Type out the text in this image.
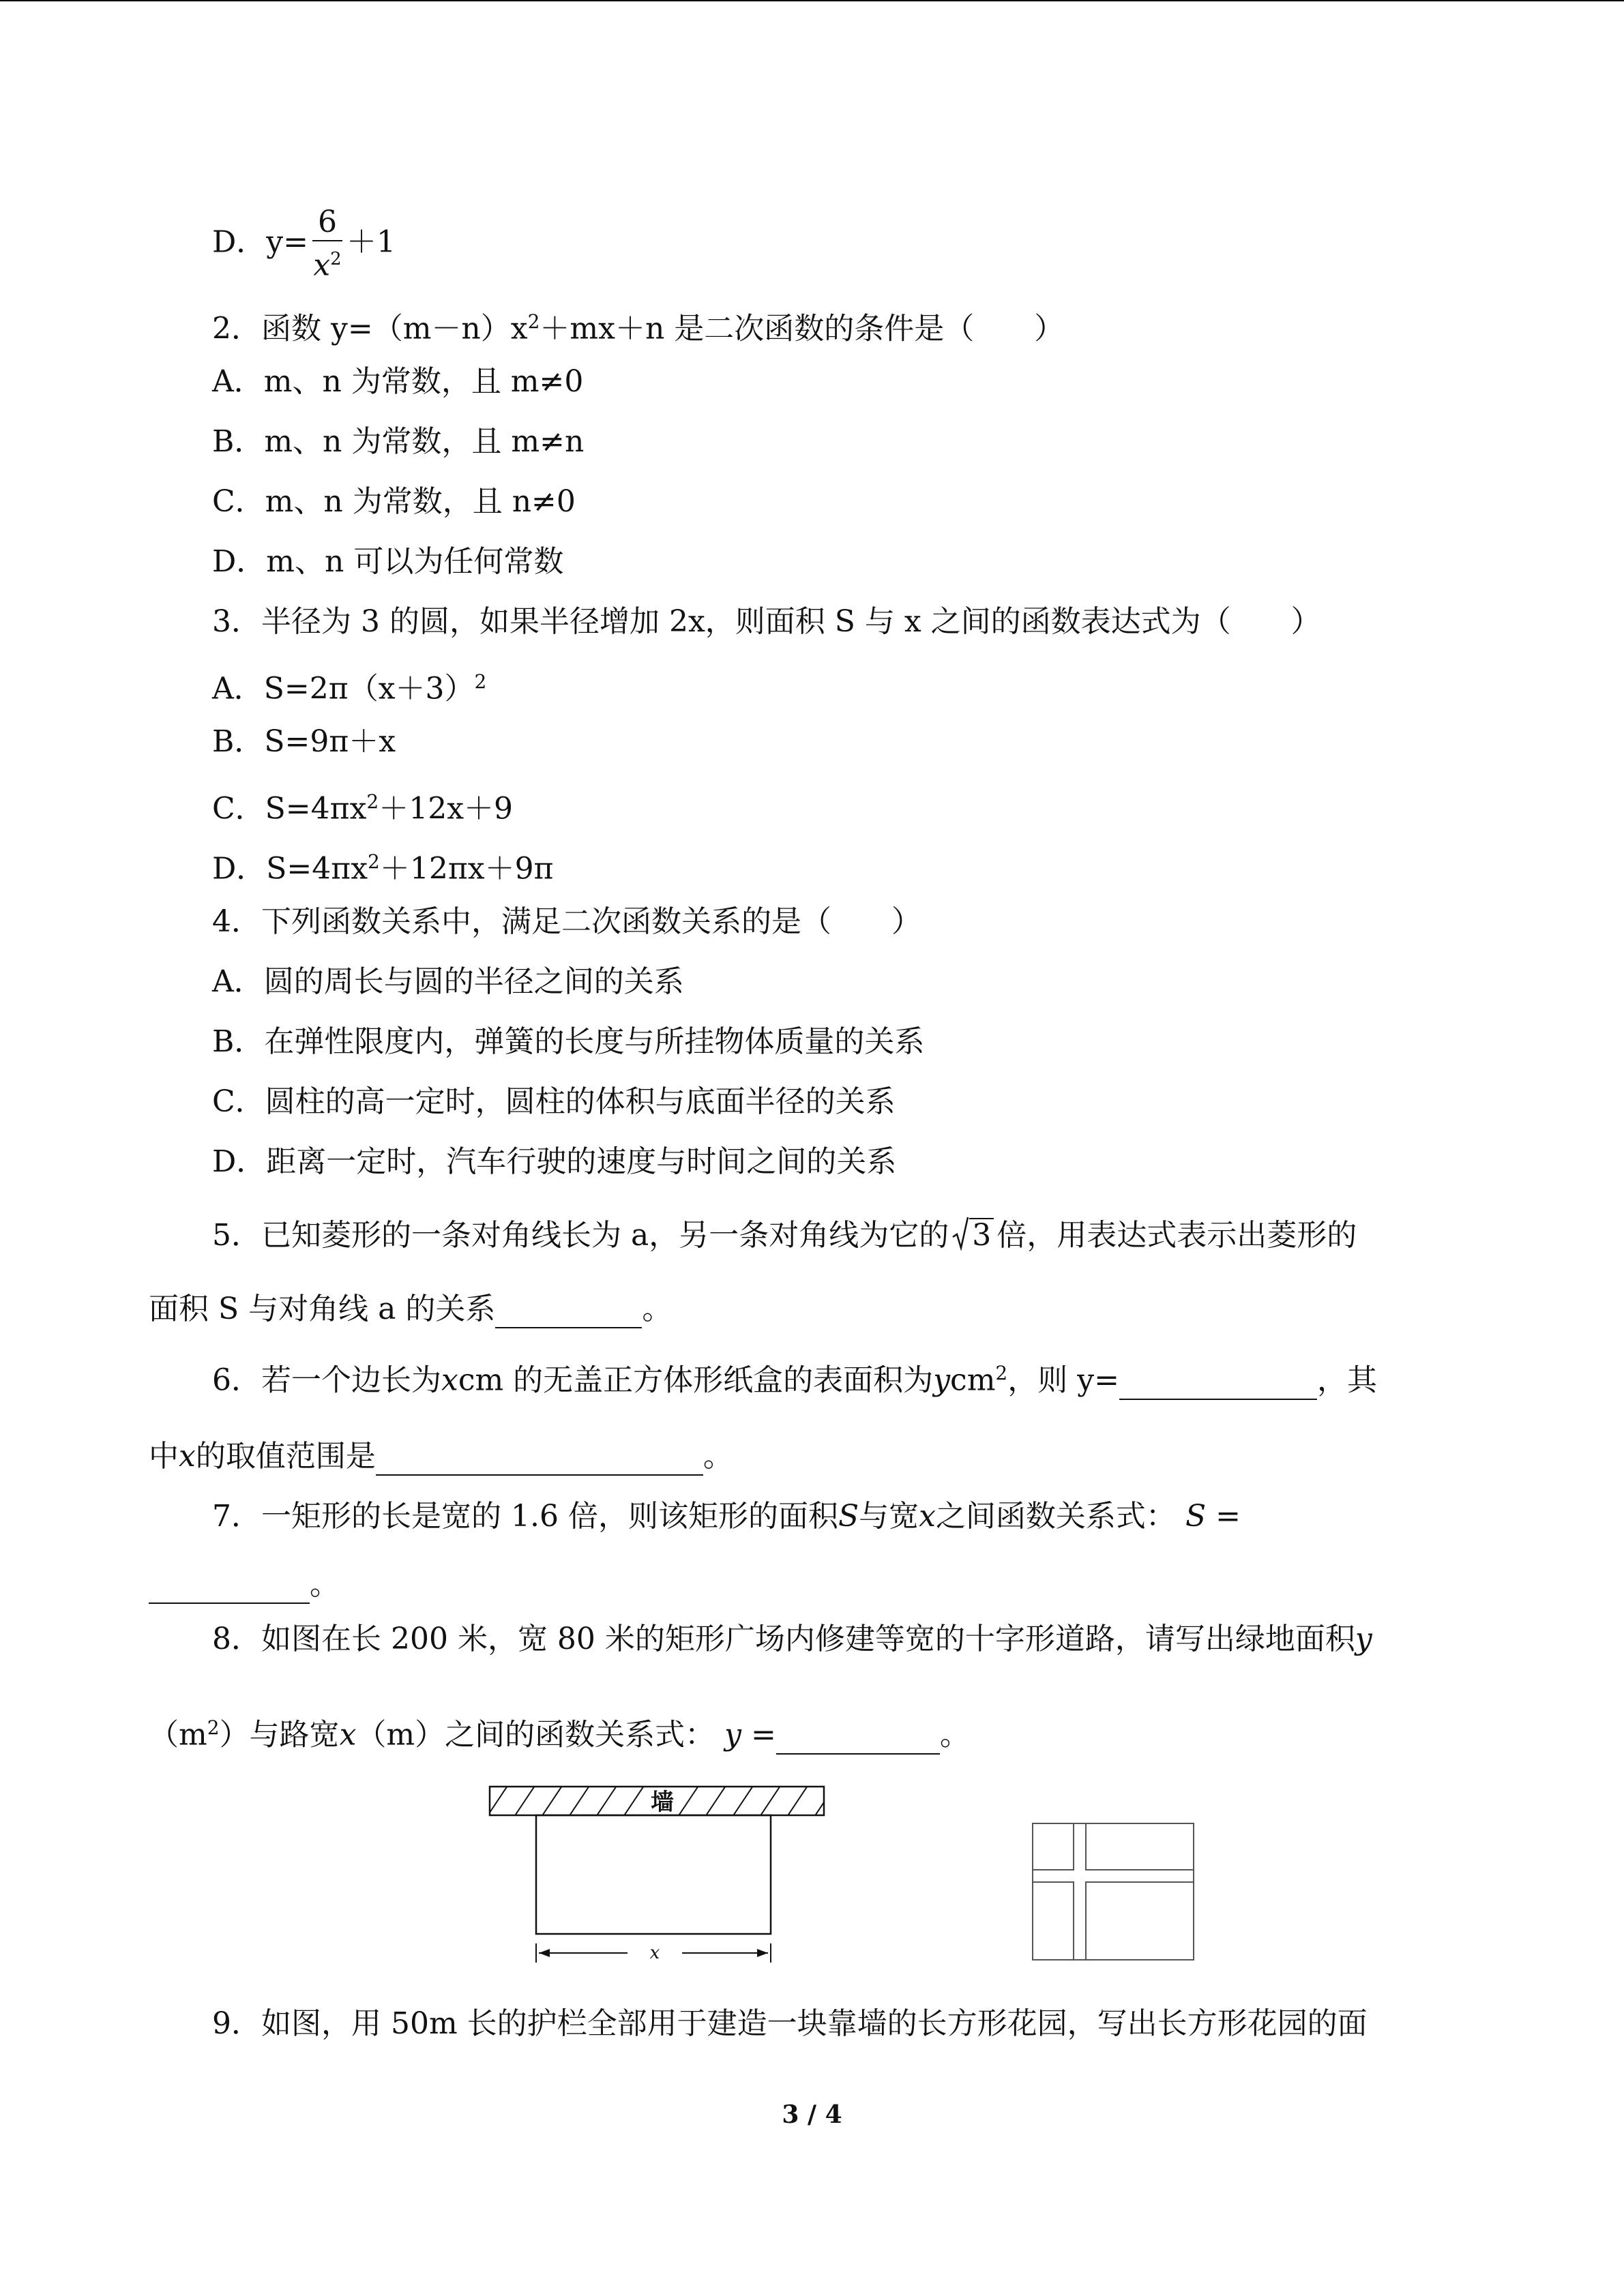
D．$y= \frac{6}{x^2} +1$
2．函数 $y=(m-n)x^2+mx+n$ 是二次函数的条件是（　　）
A．m、n 为常数，且 m≠0
B．m、n 为常数，且 m≠n
C．m、n 为常数，且 n≠0
D．m、n 可以为任何常数
3．半径为 3 的圆，如果半径增加 2x，则面积 S 与 x 之间的函数表达式为（　　）
A．$S=2\pi(x+3)^2$
B．S=9π＋x
C．$S=4\pi x^2+12x+9$
D．$S=4\pi x^2+12\pi x+9\pi$
4．下列函数关系中，满足二次函数关系的是（　　）
A．圆的周长与圆的半径之间的关系
B．在弹性限度内，弹簧的长度与所挂物体质量的关系
C．圆柱的高一定时，圆柱的体积与底面半径的关系
D．距离一定时，汽车行驶的速度与时间之间的关系
5．已知菱形的一条对角线长为 a，另一条对角线为它的 3 倍，用表达式表示出菱形的
面积 S 与对角线 a 的关系	。
6．若一个边长为xcm 的无盖正方体形纸盒的表面积为ycm$^2$，则 y=	，其
中x的取值范围是	。
7．一矩形的长是宽的 1.6 倍，则该矩形的面积S与宽x之间函数关系式： S =
。
8．如图在长 200 米，宽 80 米的矩形广场内修建等宽的十字形道路，请写出绿地面积y
$(m^2)$与路宽x（m）之间的函数关系式： y =	。
墙
x
9．如图，用 50m 长的护栏全部用于建造一块靠墙的长方形花园，写出长方形花园的面
3 / 4
